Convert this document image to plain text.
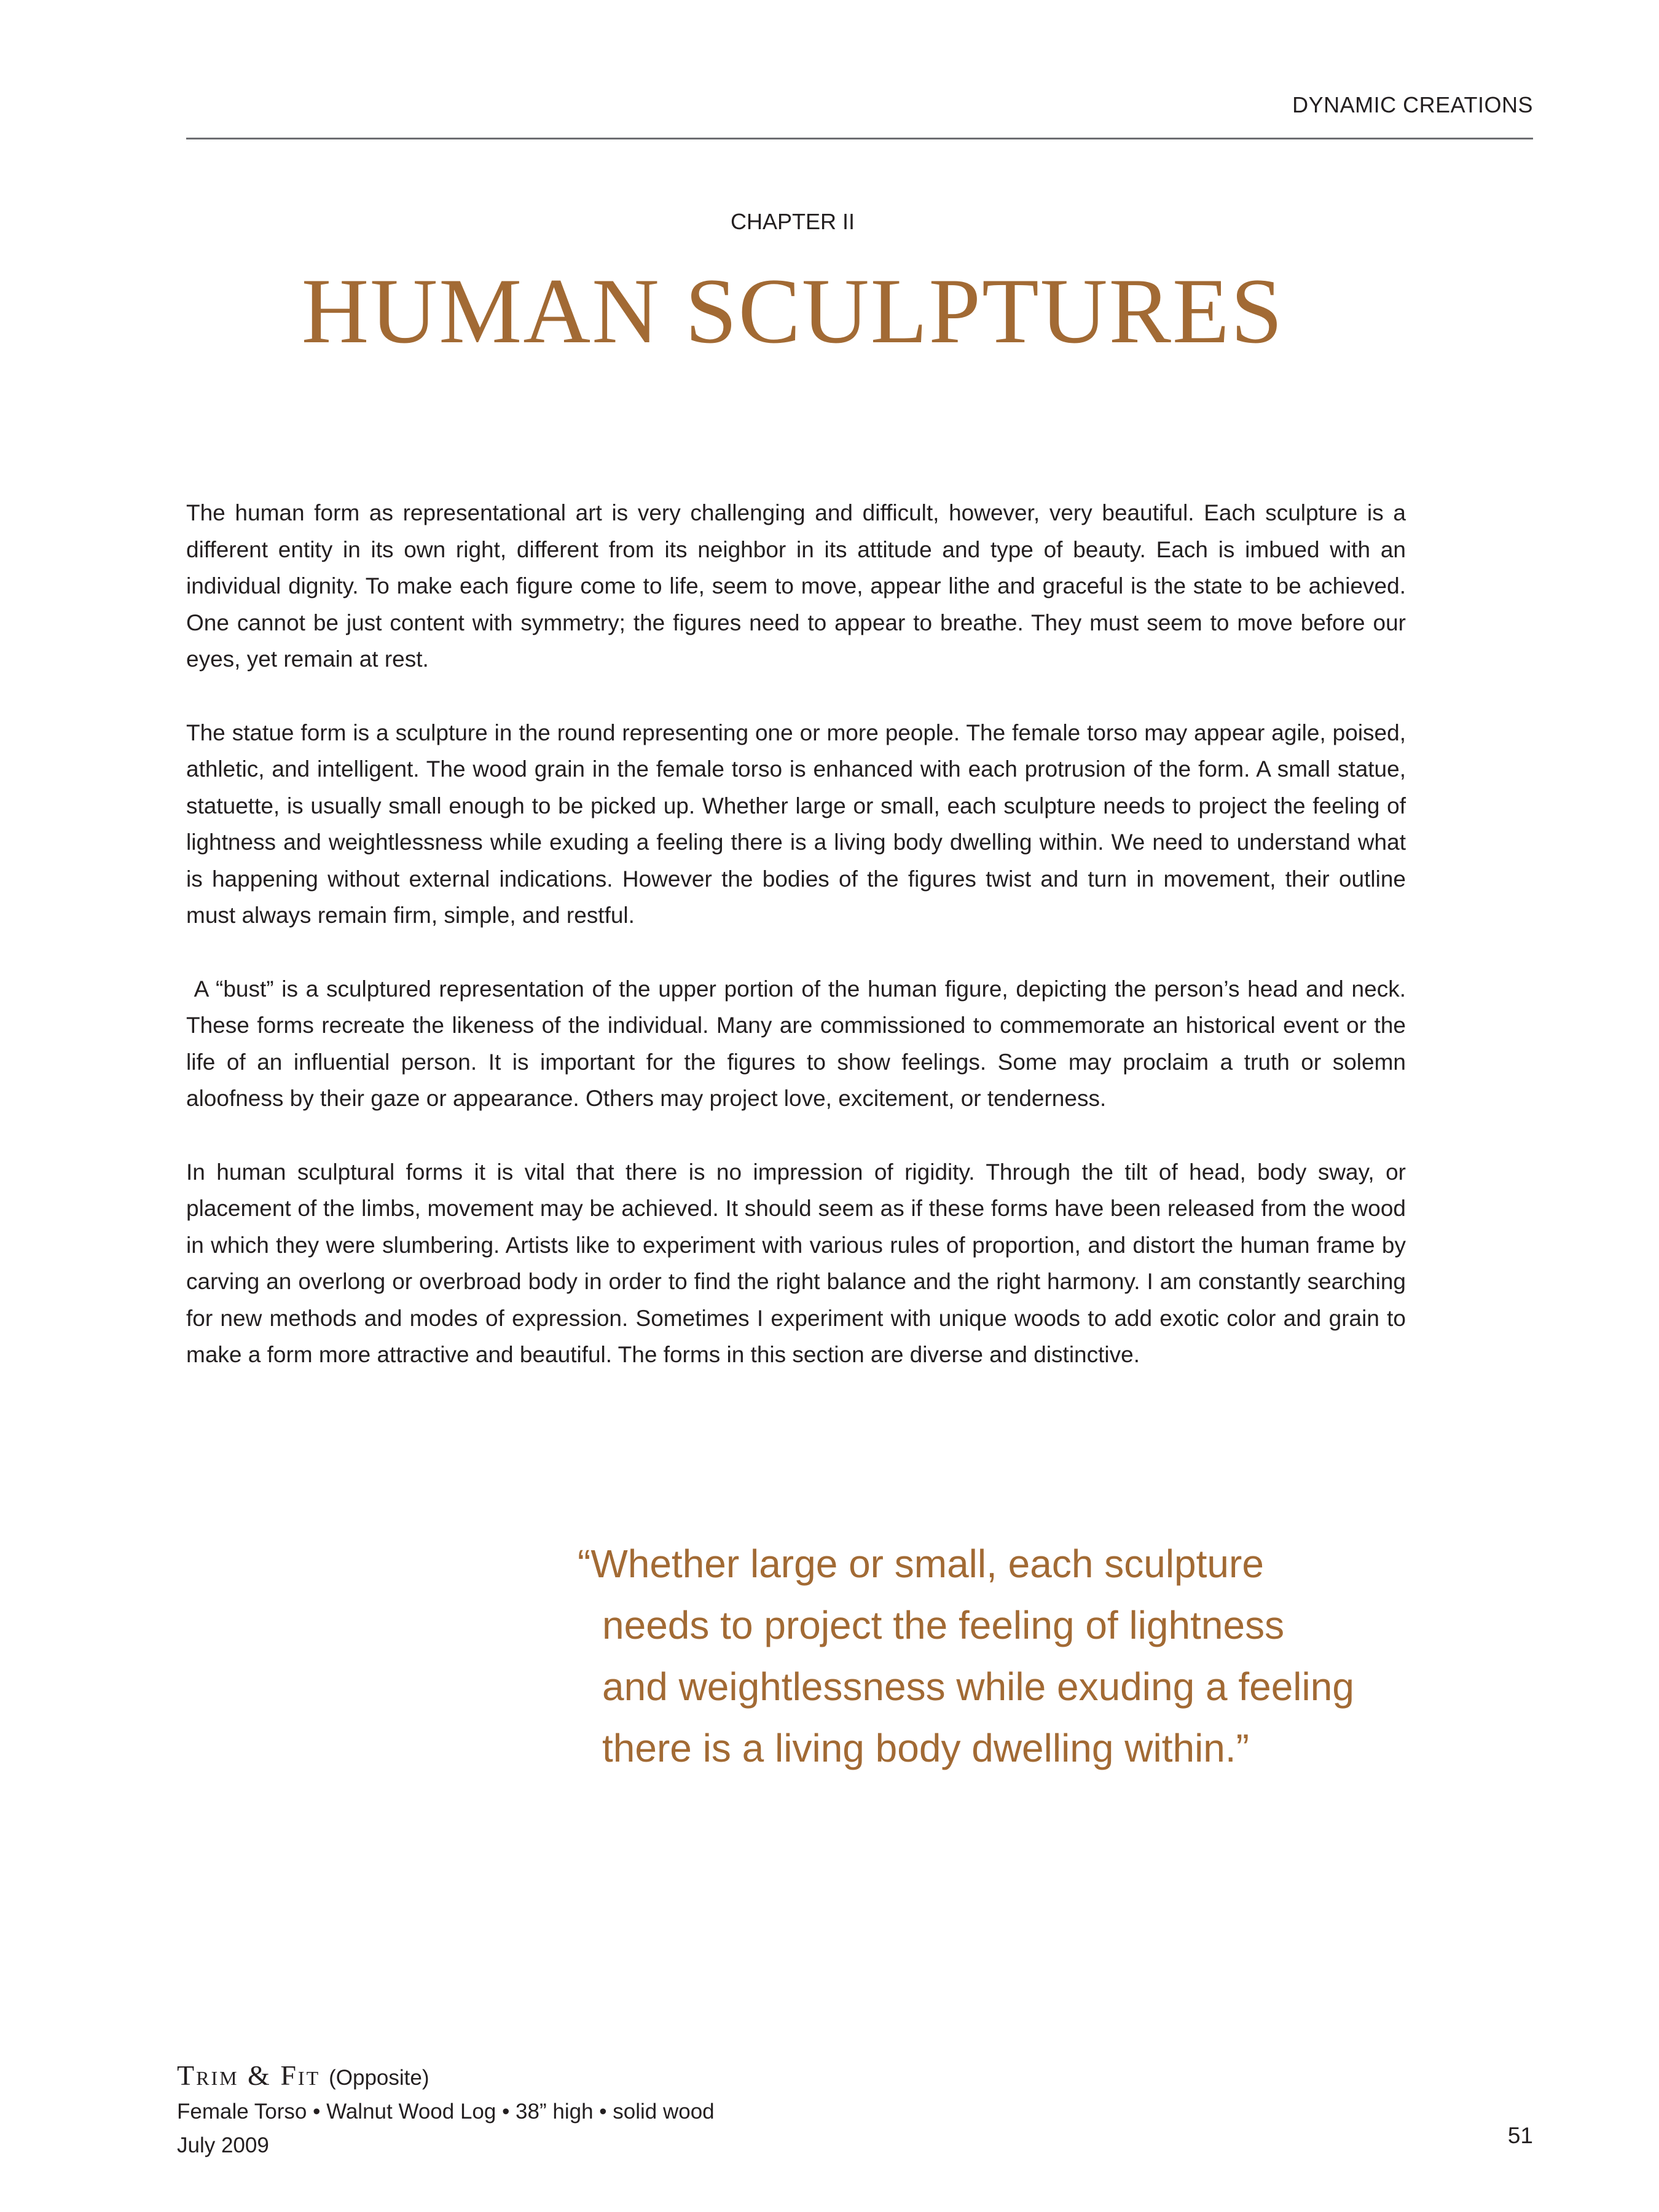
DYNAMIC CREATIONS
CHAPTER II
HUMAN SCULPTURES

The human form as representational art is very challenging and difficult, however, very beautiful. Each sculpture is a different entity in its own right, different from its neighbor in its attitude and type of beauty. Each is imbued with an individual dignity. To make each figure come to life, seem to move, appear lithe and graceful is the state to be achieved. One cannot be just content with symmetry; the figures need to appear to breathe. They must seem to move before our eyes, yet remain at rest.

The statue form is a sculpture in the round representing one or more people. The female torso may appear agile, poised, athletic, and intelligent. The wood grain in the female torso is enhanced with each protrusion of the form. A small statue, statuette, is usually small enough to be picked up. Whether large or small, each sculpture needs to project the feeling of lightness and weightlessness while exuding a feeling there is a living body dwelling within. We need to understand what is happening without external indications. However the bodies of the figures twist and turn in movement, their outline must always remain firm, simple, and restful.

A “bust” is a sculptured representation of the upper portion of the human figure, depicting the person’s head and neck. These forms recreate the likeness of the individual. Many are commissioned to commemorate an historical event or the life of an influential person. It is important for the figures to show feelings. Some may proclaim a truth or solemn aloofness by their gaze or appearance. Others may project love, excitement, or tenderness.

In human sculptural forms it is vital that there is no impression of rigidity. Through the tilt of head, body sway, or placement of the limbs, movement may be achieved. It should seem as if these forms have been released from the wood in which they were slumbering. Artists like to experiment with various rules of proportion, and distort the human frame by carving an overlong or overbroad body in order to find the right balance and the right harmony. I am constantly searching for new methods and modes of expression. Sometimes I experiment with unique woods to add exotic color and grain to make a form more attractive and beautiful. The forms in this section are diverse and distinctive.

“Whether large or small, each sculpture
needs to project the feeling of lightness
and weightlessness while exuding a feeling
there is a living body dwelling within.”
Trim & Fit (Opposite)
Female Torso • Walnut Wood Log • 38” high • solid wood
July 2009	51
